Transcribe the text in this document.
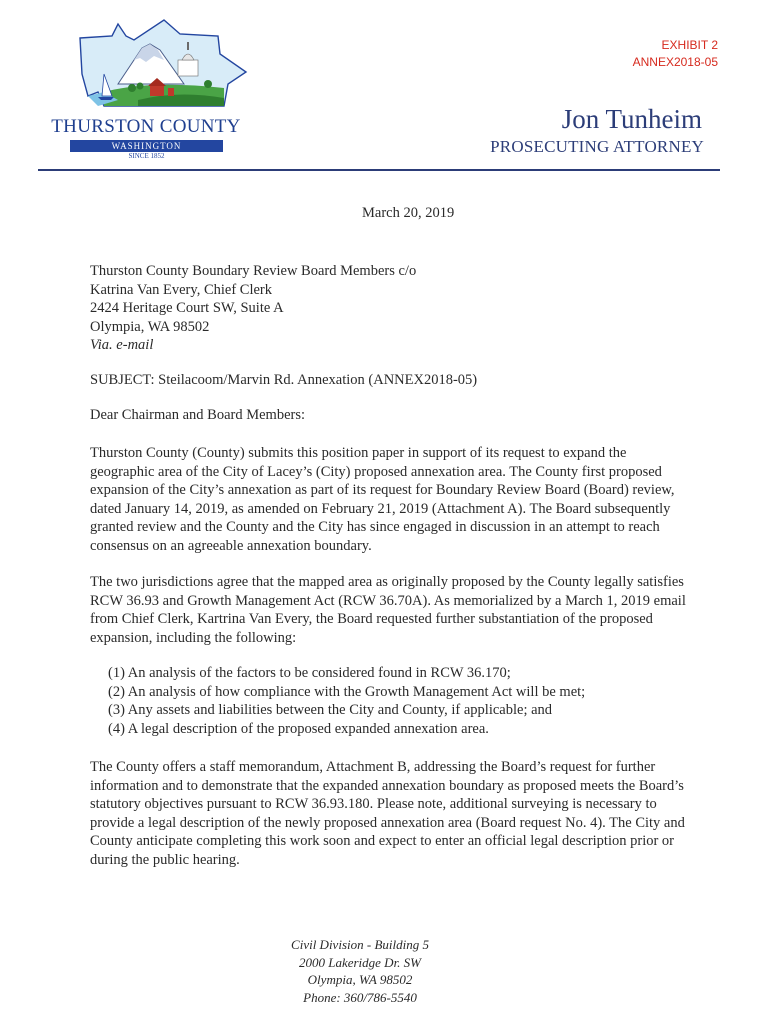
THURSTON COUNTY
WASHINGTON
SINCE 1852
EXHIBIT 2
ANNEX2018-05
Jon Tunheim
PROSECUTING ATTORNEY
March 20, 2019
Thurston County Boundary Review Board Members c/o
Katrina Van Every, Chief Clerk
2424 Heritage Court SW, Suite A
Olympia, WA 98502
Via. e-mail
SUBJECT: Steilacoom/Marvin Rd. Annexation (ANNEX2018-05)
Dear Chairman and Board Members:
Thurston County (County) submits this position paper in support of its request to expand the geographic area of the City of Lacey’s (City) proposed annexation area. The County first proposed expansion of the City’s annexation as part of its request for Boundary Review Board (Board) review, dated January 14, 2019, as amended on February 21, 2019 (Attachment A). The Board subsequently granted review and the County and the City has since engaged in discussion in an attempt to reach consensus on an agreeable annexation boundary.
The two jurisdictions agree that the mapped area as originally proposed by the County legally satisfies RCW 36.93 and Growth Management Act (RCW 36.70A). As memorialized by a March 1, 2019 email from Chief Clerk, Kartrina Van Every, the Board requested further substantiation of the proposed expansion, including the following:
(1) An analysis of the factors to be considered found in RCW 36.170;
(2) An analysis of how compliance with the Growth Management Act will be met;
(3) Any assets and liabilities between the City and County, if applicable; and
(4) A legal description of the proposed expanded annexation area.
The County offers a staff memorandum, Attachment B, addressing the Board’s request for further information and to demonstrate that the expanded annexation boundary as proposed meets the Board’s statutory objectives pursuant to RCW 36.93.180. Please note, additional surveying is necessary to provide a legal description of the newly proposed annexation area (Board request No. 4). The City and County anticipate completing this work soon and expect to enter an official legal description prior or during the public hearing.
Civil Division - Building 5
2000 Lakeridge Dr. SW
Olympia, WA 98502
Phone: 360/786-5540
